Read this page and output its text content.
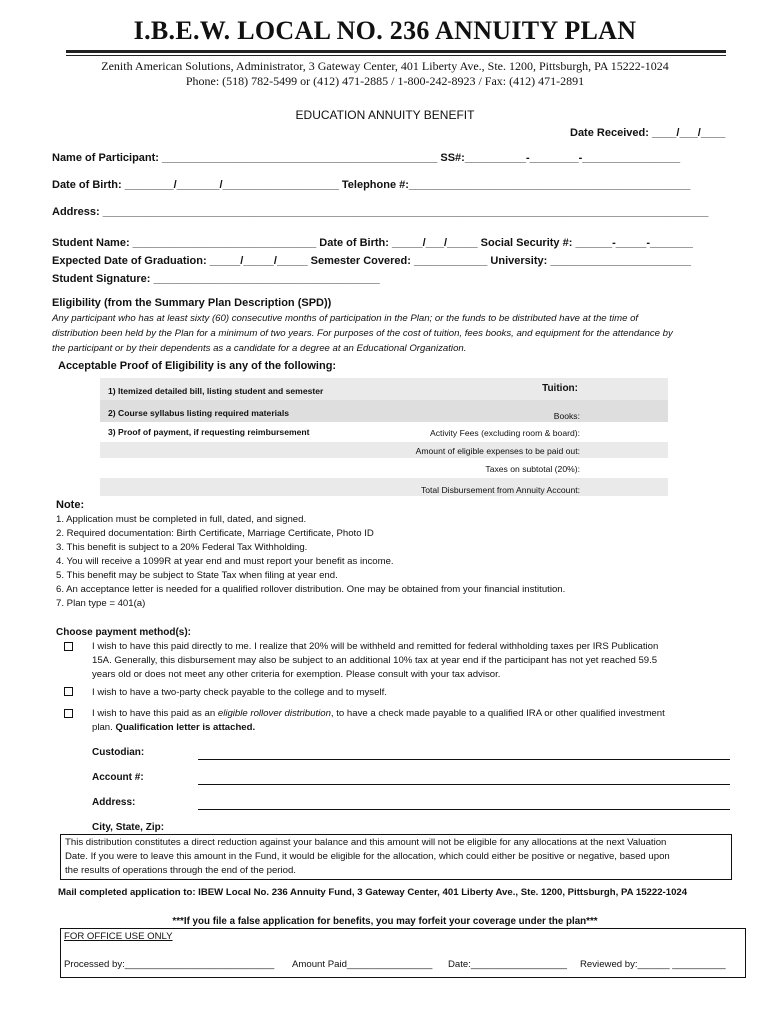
I.B.E.W. LOCAL NO. 236 ANNUITY PLAN
Zenith American Solutions, Administrator, 3 Gateway Center, 401 Liberty Ave., Ste. 1200, Pittsburgh, PA 15222-1024
Phone: (518) 782-5499 or (412) 471-2885 / 1-800-242-8923 / Fax: (412) 471-2891
EDUCATION ANNUITY BENEFIT
Date Received: ____/___/____
Name of Participant: _____________________________________________ SS#:__________-________-________________
Date of Birth: ________/_______/___________________ Telephone #:______________________________________________
Address: ___________________________________________________________________________________________________
Student Name: ______________________________ Date of Birth: _____/___/_____ Social Security #: ______-_____-_______
Expected Date of Graduation: _____/_____/_____ Semester Covered: ____________ University: _______________________
Student Signature: _____________________________________
Eligibility (from the Summary Plan Description (SPD))
Any participant who has at least sixty (60) consecutive months of participation in the Plan; or the funds to be distributed have at the time of
distribution been held by the Plan for a minimum of two years. For purposes of the cost of tuition, fees books, and equipment for the attendance by
the participant or by their dependents as a candidate for a degree at an Educational Organization.
Acceptable Proof of Eligibility is any of the following:
1) Itemized detailed bill, listing student and semester
2) Course syllabus listing required materials
3) Proof of payment, if requesting reimbursement
Tuition:
Books:
Activity Fees (excluding room & board):
Amount of eligible expenses to be paid out:
Taxes on subtotal (20%):
Total Disbursement from Annuity Account:
Note:
1. Application must be completed in full, dated, and signed.
2. Required documentation: Birth Certificate, Marriage Certificate, Photo ID
3. This benefit is subject to a 20% Federal Tax Withholding.
4. You will receive a 1099R at year end and must report your benefit as income.
5. This benefit may be subject to State Tax when filing at year end.
6. An acceptance letter is needed for a qualified rollover distribution. One may be obtained from your financial institution.
7. Plan type = 401(a)
Choose payment method(s):
I wish to have this paid directly to me. I realize that 20% will be withheld and remitted for federal withholding taxes per IRS Publication
15A. Generally, this disbursement may also be subject to an additional 10% tax at year end if the participant has not yet reached 59.5
years old or does not meet any other criteria for exemption. Please consult with your tax advisor.
I wish to have a two-party check payable to the college and to myself.
I wish to have this paid as an eligible rollover distribution, to have a check made payable to a qualified IRA or other qualified investment
plan. Qualification letter is attached.
Custodian:
Account #:
Address:
City, State, Zip:
This distribution constitutes a direct reduction against your balance and this amount will not be eligible for any allocations at the next Valuation
Date. If you were to leave this amount in the Fund, it would be eligible for the allocation, which could either be positive or negative, based upon
the results of operations through the end of the period.
Mail completed application to: IBEW Local No. 236 Annuity Fund, 3 Gateway Center, 401 Liberty Ave., Ste. 1200, Pittsburgh, PA 15222-1024
***If you file a false application for benefits, you may forfeit your coverage under the plan***
FOR OFFICE USE ONLY
Processed by:____________________________ Amount Paid________________ Date:__________________ Reviewed by:______ __________
